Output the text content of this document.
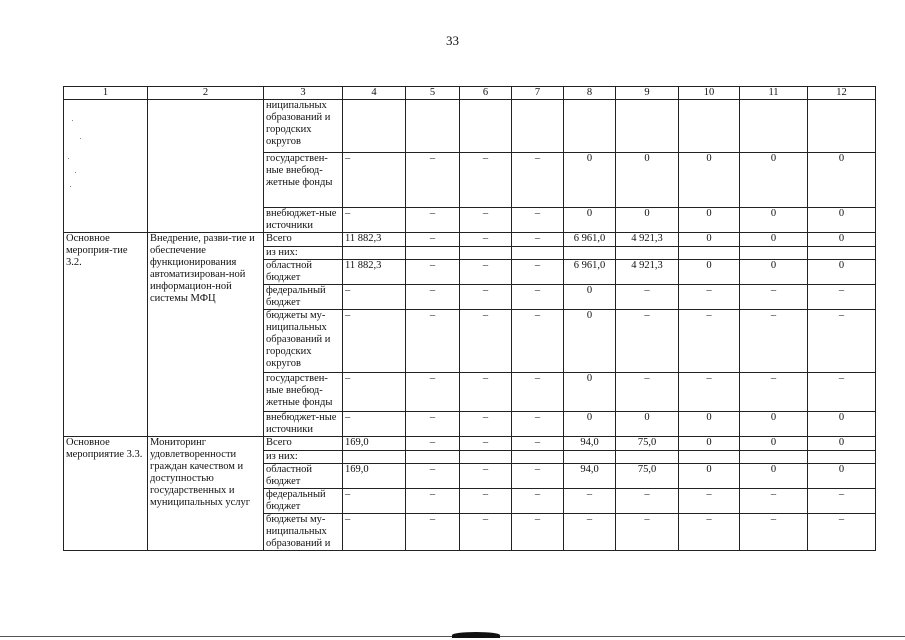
33
1	2	3	4	5	6	7	8	9	10	11	12
		ниципальных образований и городских округов									
		государствен-ные внебюд-жетные фонды	–	–	–	–	0	0	0	0	0
		внебюджет-ные источники	–	–	–	–	0	0	0	0	0
Основное мероприя-тие 3.2.	Внедрение, разви-тие и обеспечение функционирования автоматизирован-ной информацион-ной системы МФЦ	Всего	11 882,3	–	–	–	6 961,0	4 921,3	0	0	0
		из них:									
		областной бюджет	11 882,3	–	–	–	6 961,0	4 921,3	0	0	0
		федеральный бюджет	–	–	–	–	0	–	–	–	–
		бюджеты му-ниципальных образований и городских округов	–	–	–	–	0	–	–	–	–
		государствен-ные внебюд-жетные фонды	–	–	–	–	0	–	–	–	–
		внебюджет-ные источники	–	–	–	–	0	0	0	0	0
Основное мероприятие 3.3.	Мониторинг удовлетворенности граждан качеством и доступностью государственных и муниципальных услуг	Всего	169,0	–	–	–	94,0	75,0	0	0	0
		из них:									
		областной бюджет	169,0	–	–	–	94,0	75,0	0	0	0
		федеральный бюджет	–	–	–	–	–	–	–	–	–
		бюджеты му-ниципальных образований и	–	–	–	–	–	–	–	–	–
